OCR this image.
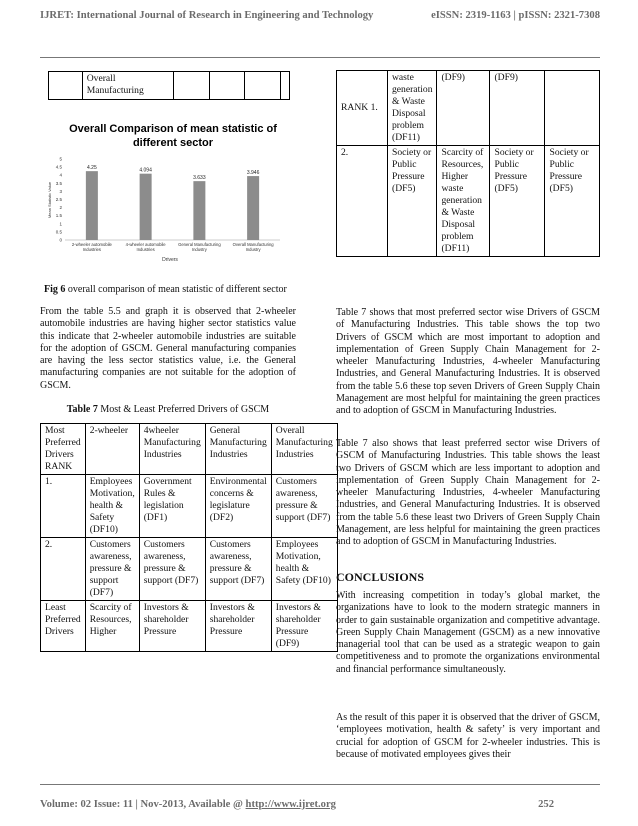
IJRET: International Journal of Research in Engineering and Technology	eISSN: 2319-1163 | pISSN: 2321-7308
	Overall Manufacturing				
Overall Comparison of mean statistic of
different sector
Mean Statistic Value
Drivers
0
0.5
1
1.5
2
2.5
3
3.5
4
4.5
5
4.25	4.094
3.633
3.946
2-wheeler automobile
Industries
4-wheeler automobile
Industries
General Manufacturing
Industry
Overall Manufacturing
Industry
Fig 6 overall comparison of mean statistic of different sector
From the table 5.5 and graph it is observed that 2-wheeler automobile industries are having higher sector statistics value this indicate that 2-wheeler automobile industries are suitable for the adoption of GSCM. General manufacturing companies are having the less sector statistics value, i.e. the General manufacturing companies are not suitable for the adoption of GSCM.
Table 7 Most & Least Preferred Drivers of GSCM
Most Preferred Drivers RANK	2-wheeler	4wheeler Manufacturing Industries	General Manufacturing Industries	Overall Manufacturing Industries
1.	Employees Motivation, health & Safety (DF10)	Government Rules & legislation (DF1)	Environmental concerns & legislature (DF2)	Customers awareness, pressure & support (DF7)
2.	Customers awareness, pressure & support (DF7)	Customers awareness, pressure & support (DF7)	Customers awareness, pressure & support (DF7)	Employees Motivation, health & Safety (DF10)
Least Preferred Drivers	Scarcity of Resources, Higher	Investors & shareholder Pressure	Investors & shareholder Pressure	Investors & shareholder Pressure (DF9)
RANK 1.	waste generation & Waste Disposal problem (DF11)	(DF9)	(DF9)	
2.	Society or Public Pressure (DF5)	Scarcity of Resources, Higher waste generation & Waste Disposal problem (DF11)	Society or Public Pressure (DF5)	Society or Public Pressure (DF5)
Table 7 shows that most preferred sector wise Drivers of GSCM of Manufacturing Industries. This table shows the top two Drivers of GSCM which are most important to adoption and implementation of Green Supply Chain Management for 2-wheeler Manufacturing Industries, 4-wheeler Manufacturing Industries, and General Manufacturing Industries. It is observed from the table 5.6 these top seven Drivers of Green Supply Chain Management are most helpful for maintaining the green practices and to adoption of GSCM in Manufacturing Industries.
Table 7 also shows that least preferred sector wise Drivers of GSCM of Manufacturing Industries. This table shows the least two Drivers of GSCM which are less important to adoption and implementation of Green Supply Chain Management for 2-wheeler Manufacturing Industries, 4-wheeler Manufacturing Industries, and General Manufacturing Industries. It is observed from the table 5.6 these least two Drivers of Green Supply Chain Management, are less helpful for maintaining the green practices and to adoption of GSCM in Manufacturing Industries.
CONCLUSIONS
With increasing competition in today’s global market, the organizations have to look to the modern strategic manners in order to gain sustainable organization and competitive advantage. Green Supply Chain Management (GSCM) as a new innovative managerial tool that can be used as a strategic weapon to gain competitiveness and to promote the organizations environmental and financial performance simultaneously.
As the result of this paper it is observed that the driver of GSCM, ‘employees motivation, health & safety’ is very important and crucial for adoption of GSCM for 2-wheeler industries. This is because of motivated employees gives their
Volume: 02 Issue: 11 | Nov-2013, Available @ http://www.ijret.org	252
